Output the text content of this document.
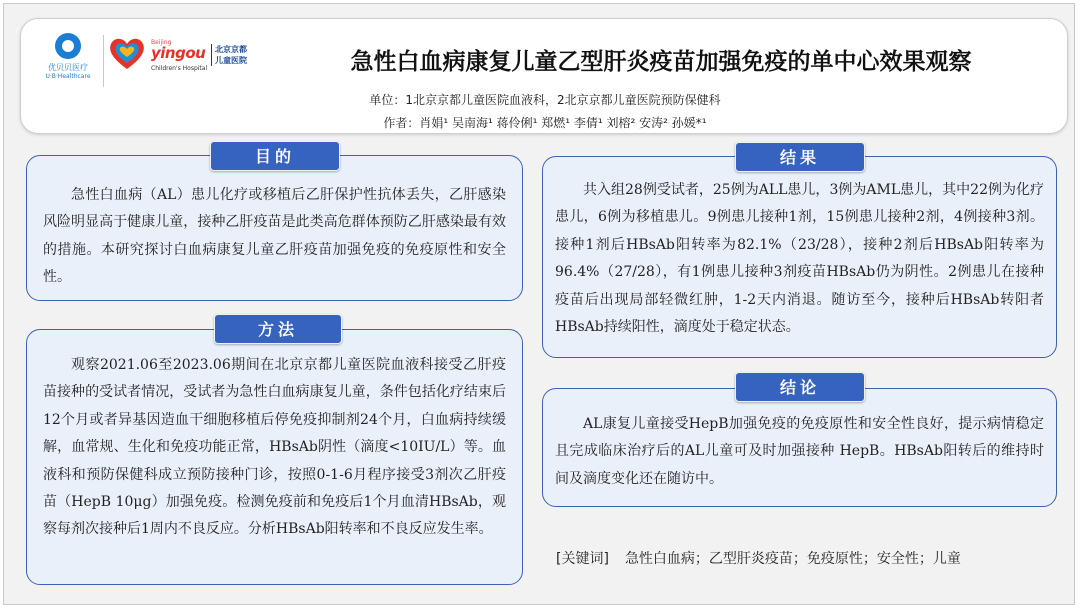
优贝贝医疗
U·B·Healthcare
Beijing
yingou
Children's Hospital
北京京都
儿童医院	急性白血病康复儿童乙型肝炎疫苗加强免疫的单中心效果观察
单位：1北京京都儿童医院血液科，2北京京都儿童医院预防保健科
作者：肖娟¹ 吴南海¹ 蒋伶俐¹ 郑燃¹ 李倩¹ 刘榕² 安涛² 孙媛*¹

急性白血病（AL）患儿化疗或移植后乙肝保护性抗体丢失，乙肝感染风险明显高于健康儿童，接种乙肝疫苗是此类高危群体预防乙肝感染最有效的措施。本研究探讨白血病康复儿童乙肝疫苗加强免疫的免疫原性和安全性。

目的

观察2021.06至2023.06期间在北京京都儿童医院血液科接受乙肝疫苗接种的受试者情况，受试者为急性白血病康复儿童，条件包括化疗结束后12个月或者异基因造血干细胞移植后停免疫抑制剂24个月，白血病持续缓解，血常规、生化和免疫功能正常，HBsAb阴性（滴度<10IU/L）等。血液科和预防保健科成立预防接种门诊，按照0-1-6月程序接受3剂次乙肝疫苗（HepB 10μg）加强免疫。检测免疫前和免疫后1个月血清HBsAb，观察每剂次接种后1周内不良反应。分析HBsAb阳转率和不良反应发生率。

方法

共入组28例受试者，25例为ALL患儿，3例为AML患儿，其中22例为化疗患儿，6例为移植患儿。9例患儿接种1剂，15例患儿接种2剂，4例接种3剂。接种1剂后HBsAb阳转率为82.1%（23/28），接种2剂后HBsAb阳转率为96.4%（27/28），有1例患儿接种3剂疫苗HBsAb仍为阴性。2例患儿在接种疫苗后出现局部轻微红肿，1-2天内消退。随访至今，接种后HBsAb转阳者HBsAb持续阳性，滴度处于稳定状态。

结果

AL康复儿童接受HepB加强免疫的免疫原性和安全性良好，提示病情稳定且完成临床治疗后的AL儿童可及时加强接种 HepB。HBsAb阳转后的维持时间及滴度变化还在随访中。

结论
[关键词] 急性白血病；乙型肝炎疫苗；免疫原性；安全性；儿童
